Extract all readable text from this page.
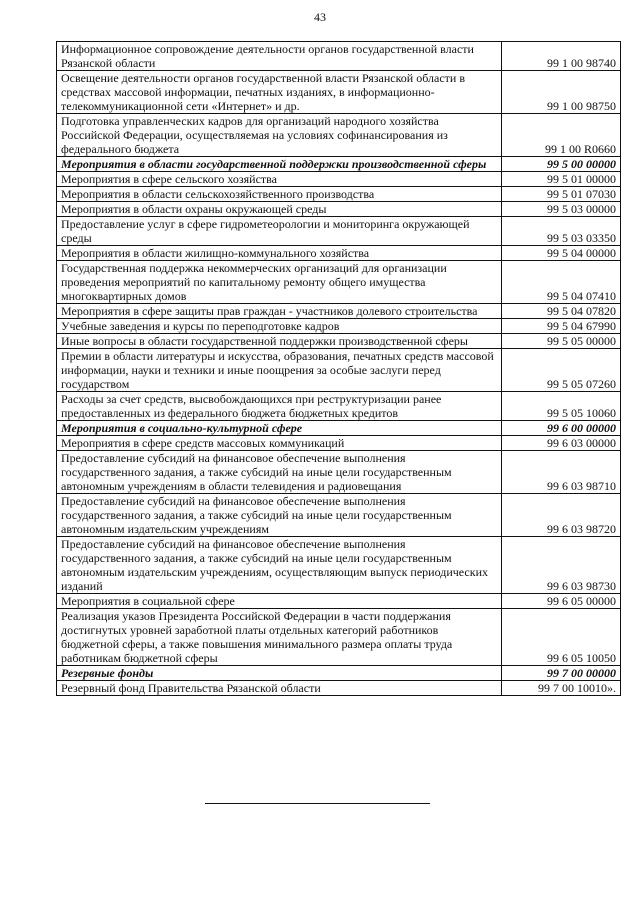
43
Информационное сопровождение деятельности органов государственной власти Рязанской области	99 1 00 98740
Освещение деятельности органов государственной власти Рязанской области в средствах массовой информации, печатных изданиях, в информационно-телекоммуникационной сети «Интернет» и др.	99 1 00 98750
Подготовка управленческих кадров для организаций народного хозяйства Российской Федерации, осуществляемая на условиях софинансирования из федерального бюджета	99 1 00 R0660
Мероприятия в области государственной поддержки производственной сферы	99 5 00 00000
Мероприятия в сфере сельского хозяйства	99 5 01 00000
Мероприятия в области сельскохозяйственного производства	99 5 01 07030
Мероприятия в области охраны окружающей среды	99 5 03 00000
Предоставление услуг в сфере гидрометеорологии и мониторинга окружающей среды	99 5 03 03350
Мероприятия в области жилищно-коммунального хозяйства	99 5 04 00000
Государственная поддержка некоммерческих организаций для организации проведения мероприятий по капитальному ремонту общего имущества многоквартирных домов	99 5 04 07410
Мероприятия в сфере защиты прав граждан - участников долевого строительства	99 5 04 07820
Учебные заведения и курсы по переподготовке кадров	99 5 04 67990
Иные вопросы в области государственной поддержки производственной сферы	99 5 05 00000
Премии в области литературы и искусства, образования, печатных средств массовой информации, науки и техники и иные поощрения за особые заслуги перед государством	99 5 05 07260
Расходы за счет средств, высвобождающихся при реструктуризации ранее предоставленных из федерального бюджета бюджетных кредитов	99 5 05 10060
Мероприятия в социально-культурной сфере	99 6 00 00000
Мероприятия в сфере средств массовых коммуникаций	99 6 03 00000
Предоставление субсидий на финансовое обеспечение выполнения государственного задания, а также субсидий на иные цели государственным автономным учреждениям в области телевидения и радиовещания	99 6 03 98710
Предоставление субсидий на финансовое обеспечение выполнения государственного задания, а также субсидий на иные цели государственным автономным издательским учреждениям	99 6 03 98720
Предоставление субсидий на финансовое обеспечение выполнения государственного задания, а также субсидий на иные цели государственным автономным издательским учреждениям, осуществляющим выпуск периодических изданий	99 6 03 98730
Мероприятия в социальной сфере	99 6 05 00000
Реализация указов Президента Российской Федерации в части поддержания достигнутых уровней заработной платы отдельных категорий работников бюджетной сферы, а также повышения минимального размера оплаты труда работникам бюджетной сферы	99 6 05 10050
Резервные фонды	99 7 00 00000
Резервный фонд Правительства Рязанской области	99 7 00 10010».
